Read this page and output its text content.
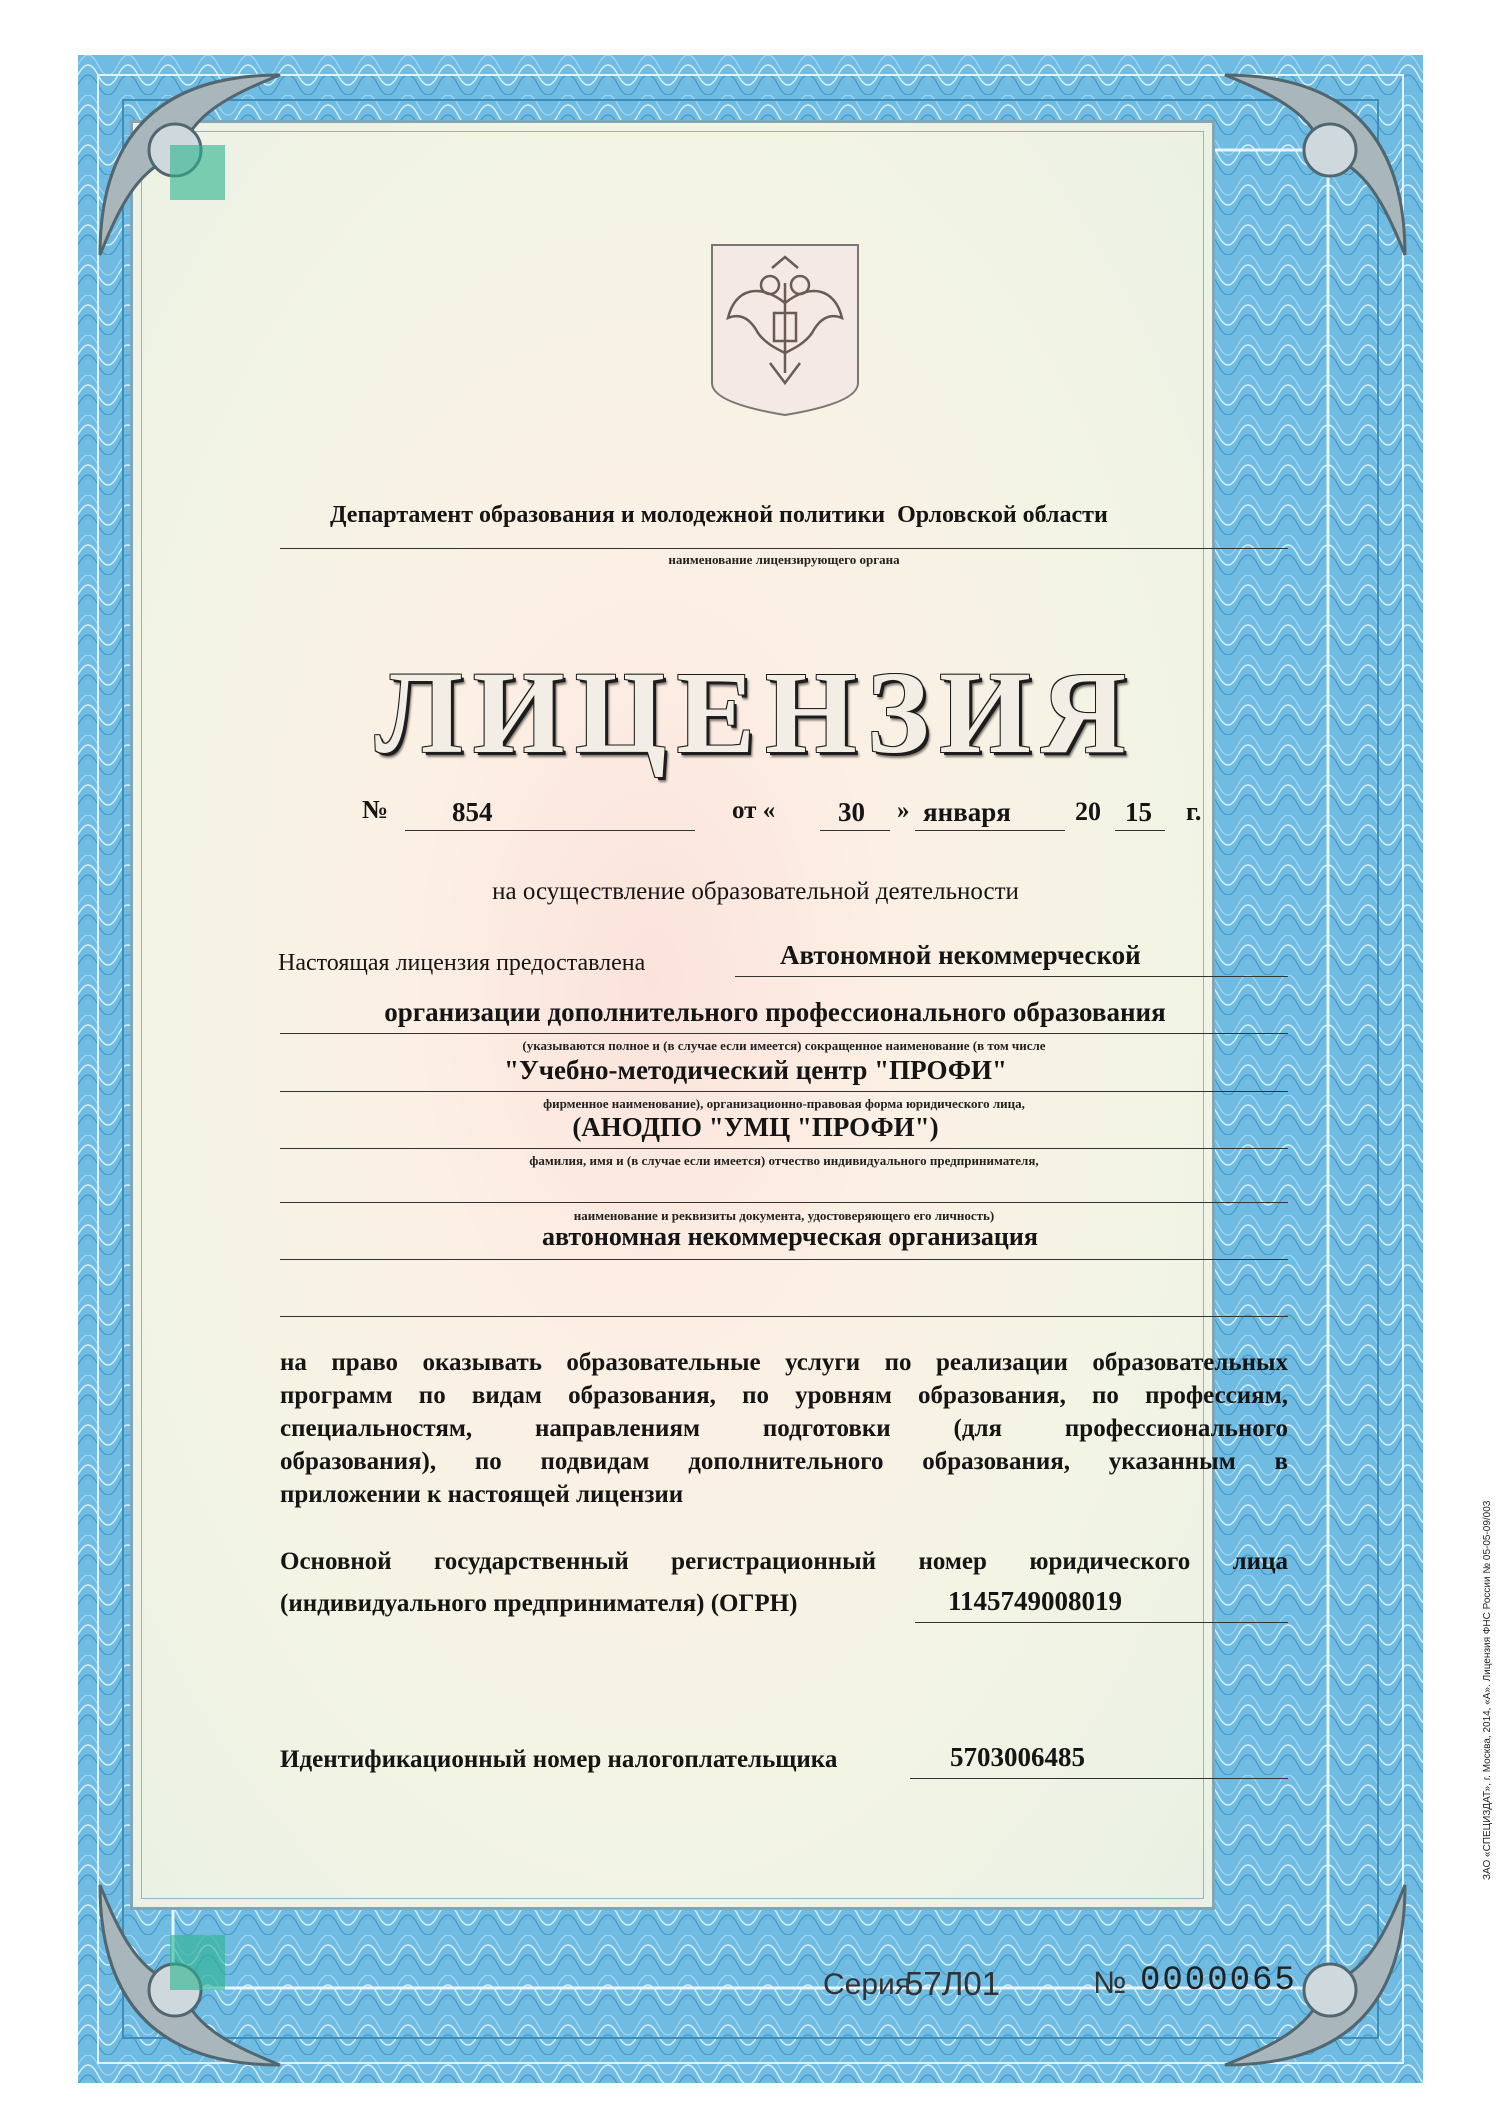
Департамент образования и молодежной политики  Орловской области
наименование лицензирующего органа
ЛИЦЕНЗИЯ
№ 854	от « 30	» января 20 15 г.
на осуществление образовательной деятельности
Настоящая лицензия предоставлена	Автономной некоммерческой
организации дополнительного профессионального образования
(указываются полное и (в случае если имеется) сокращенное наименование (в том числе
"Учебно-методический центр "ПРОФИ"
фирменное наименование), организационно-правовая форма юридического лица,
(АНОДПО "УМЦ "ПРОФИ")
фамилия, имя и (в случае если имеется) отчество индивидуального предпринимателя,
наименование и реквизиты документа, удостоверяющего его личность)
автономная некоммерческая организация
на право оказывать образовательные услуги по реализации образовательных
программ по видам образования, по уровням образования, по профессиям,
специальностям, направлениям подготовки (для профессионального
образования), по подвидам дополнительного образования, указанным в
приложении к настоящей лицензии
Основной государственный регистрационный номер юридического лица
(индивидуального предпринимателя) (ОГРН)	1145749008019
Идентификационный номер налогоплательщика	5703006485
Серия
57Л01	№ 0000065
ЗАО «СПЕЦИЗДАТ», г. Москва, 2014, «А». Лицензия ФНС России № 05-05-09/003
